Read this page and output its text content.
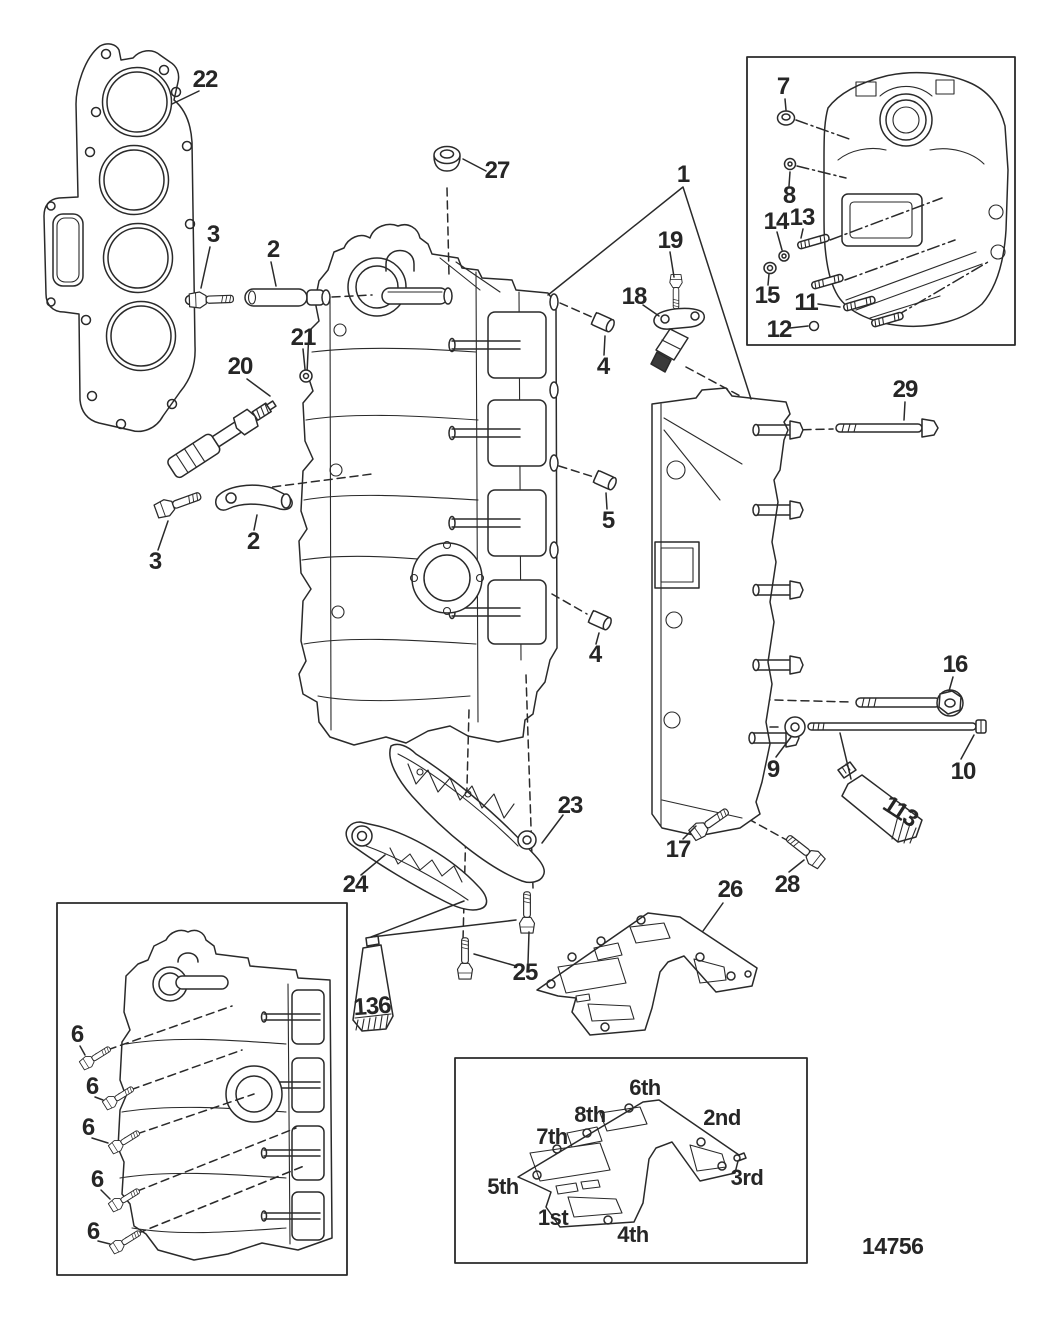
22
3
2
27	1
19
18
21
20	4
5
2
3
4
29
16
9	10
113
17
28
23
24
25
26
136
6
6
6
6
6
7
8
14 13
15 11
12
6th
8th	2nd
7th
3rd
5th
1st
4th	14756
